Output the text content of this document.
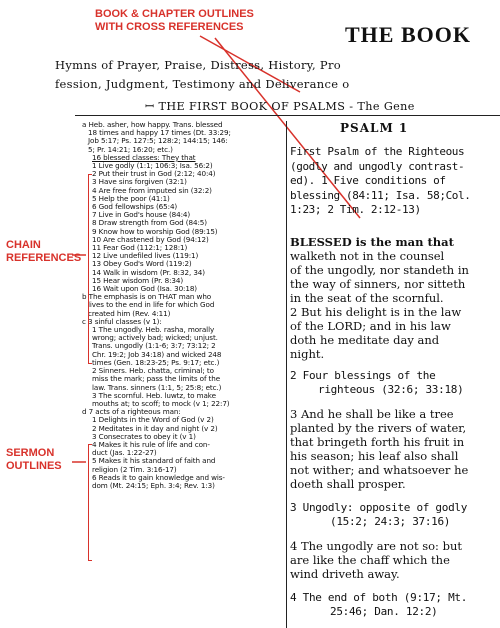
BOOK & CHAPTER OUTLINES
WITH CROSS REFERENCES
CHAIN
REFERENCES
SERMON
OUTLINES
THE BOOK
Hymns of Prayer, Praise, Distress, History, Pro
fession, Judgment, Testimony and Deliverance o
ꟷ THE FIRST BOOK OF PSALMS - The Gene
a Heb. asher, how happy. Trans. blessed
18 times and happy 17 times (Dt. 33:29;
Job 5:17; Ps. 127:5; 128:2; 144:15; 146:
5; Pr. 14:21; 16:20; etc.)
16 blessed classes: They that
1 Live godly (1:1; 106:3; Isa. 56:2)
2 Put their trust in God (2:12; 40:4)
3 Have sins forgiven (32:1)
4 Are free from imputed sin (32:2)
5 Help the poor (41:1)
6 God fellowships (65:4)
7 Live in God's house (84:4)
8 Draw strength from God (84:5)
9 Know how to worship God (89:15)
10 Are chastened by God (94:12)
11 Fear God (112:1; 128:1)
12 Live undefiled lives (119:1)
13 Obey God's Word (119:2)
14 Walk in wisdom (Pr. 8:32, 34)
15 Hear wisdom (Pr. 8:34)
16 Wait upon God (Isa. 30:18)
b The emphasis is on THAT man who
lives to the end in life for which God
created him (Rev. 4:11)
c 3 sinful classes (v 1):
1 The ungodly. Heb. rasha, morally
wrong; actively bad; wicked; unjust.
Trans. ungodly (1:1-6; 3:7; 73:12; 2
Chr. 19:2; Job 34:18) and wicked 248
times (Gen. 18:23-25; Ps. 9:17; etc.)
2 Sinners. Heb. chatta, criminal; to
miss the mark; pass the limits of the
law. Trans. sinners (1:1, 5; 25:8; etc.)
3 The scornful. Heb. luwtz, to make
mouths at; to scoff; to mock (v 1; 22:7)
d 7 acts of a righteous man:
1 Delights in the Word of God (v 2)
2 Meditates in it day and night (v 2)
3 Consecrates to obey it (v 1)
4 Makes it his rule of life and con-
duct (Jas. 1:22-27)
5 Makes it his standard of faith and
religion (2 Tim. 3:16-17)
6 Reads it to gain knowledge and wis-
dom (Mt. 24:15; Eph. 3:4; Rev. 1:3)
PSALM 1
First Psalm of the Righteous
(godly and ungodly contrast-
ed). 1 Five conditions of
blessing (84:11; Isa. 58;Col.
1:23; 2 Tim. 2:12-13)
BLESSED is the man that
walketh not in the counsel
of the ungodly, nor standeth in
the way of sinners, nor sitteth
in the seat of the scornful.
2 But his delight is in the law
of the LORD; and in his law
doth he meditate day and
night.
2 Four blessings of the
righteous (32:6; 33:18)
3 And he shall be like a tree
planted by the rivers of water,
that bringeth forth his fruit in
his season; his leaf also shall
not wither; and whatsoever he
doeth shall prosper.
3 Ungodly: opposite of godly
(15:2; 24:3; 37:16)
4 The ungodly are not so: but
are like the chaff which the
wind driveth away.
4 The end of both (9:17; Mt.
25:46; Dan. 12:2)
